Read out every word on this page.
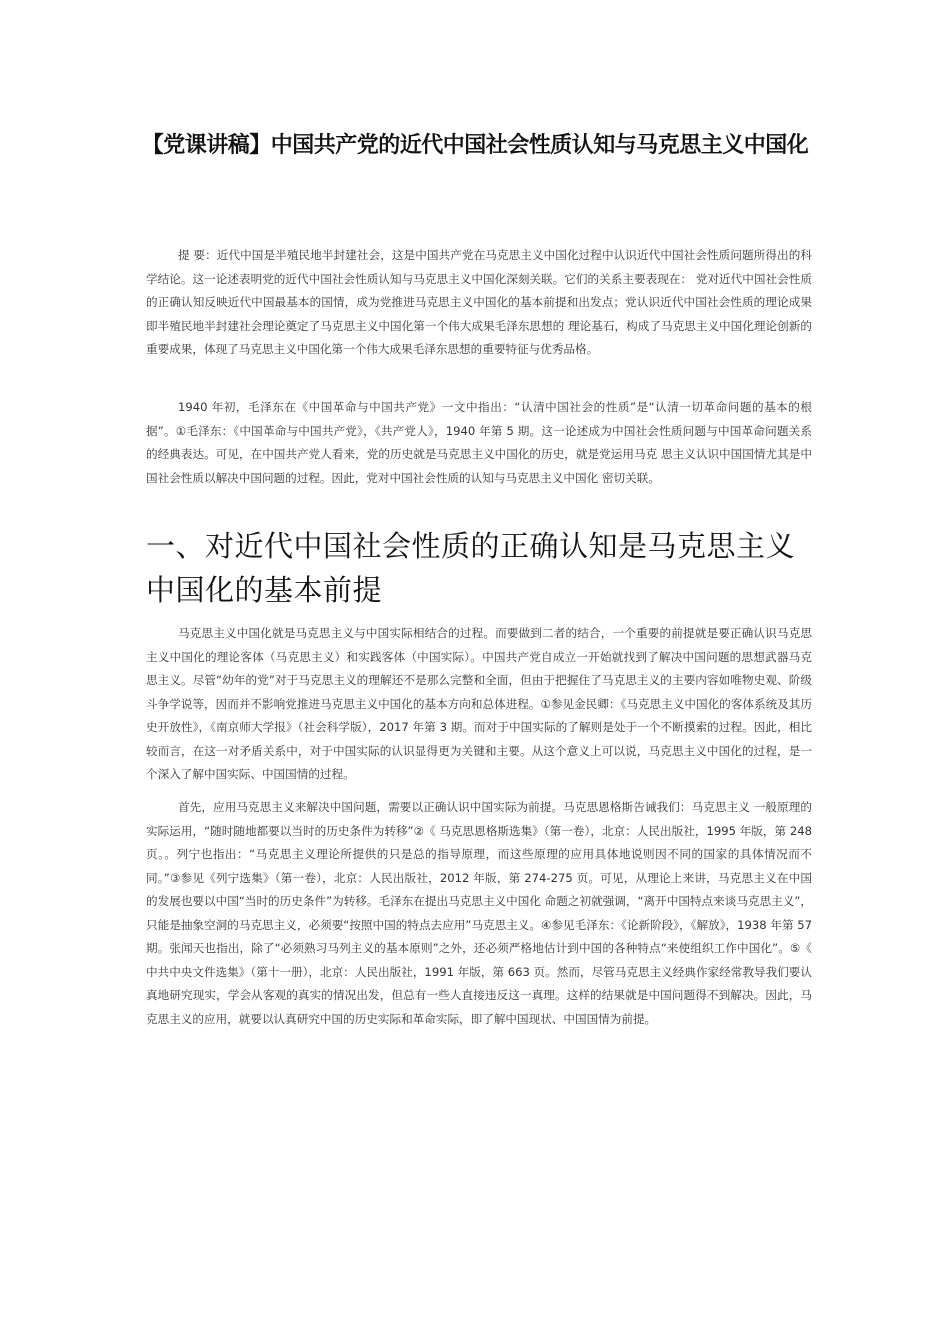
【党课讲稿】中国共产党的近代中国社会性质认知与马克思主义中国化

提 要：近代中国是半殖民地半封建社会，这是中国共产党在马克思主义中国化过程中认识近代中国社会性质问题所得出的科学结论。这一论述表明党的近代中国社会性质认知与马克思主义中国化深刻关联。它们的关系主要表现在： 党对近代中国社会性质的正确认知反映近代中国最基本的国情，成为党推进马克思主义中国化的基本前提和出发点；党认识近代中国社会性质的理论成果即半殖民地半封建社会理论奠定了马克思主义中国化第一个伟大成果毛泽东思想的 理论基石，构成了马克思主义中国化理论创新的重要成果，体现了马克思主义中国化第一个伟大成果毛泽东思想的重要特征与优秀品格。

1940 年初，毛泽东在《中国革命与中国共产党》一文中指出：“认清中国社会的性质”是“认清一切革命问题的基本的根据”。①毛泽东：《中国革命与中国共产党》，《共产党人》，1940 年第 5 期。这一论述成为中国社会性质问题与中国革命问题关系的经典表达。可见，在中国共产党人看来，党的历史就是马克思主义中国化的历史，就是党运用马克 思主义认识中国国情尤其是中国社会性质以解决中国问题的过程。因此，党对中国社会性质的认知与马克思主义中国化 密切关联。

一、对近代中国社会性质的正确认知是马克思主义中国化的基本前提

马克思主义中国化就是马克思主义与中国实际相结合的过程。而要做到二者的结合，一个重要的前提就是要正确认识马克思主义中国化的理论客体（马克思主义）和实践客体（中国实际）。中国共产党自成立一开始就找到了解决中国问题的思想武器马克思主义。尽管“幼年的党”对于马克思主义的理解还不是那么完整和全面，但由于把握住了马克思主义的主要内容如唯物史观、阶级斗争学说等，因而并不影响党推进马克思主义中国化的基本方向和总体进程。①参见金民卿：《马克思主义中国化的客体系统及其历史开放性》，《南京师大学报》（社会科学版），2017 年第 3 期。而对于中国实际的了解则是处于一个不断摸索的过程。因此，相比较而言，在这一对矛盾关系中，对于中国实际的认识显得更为关键和主要。从这个意义上可以说，马克思主义中国化的过程，是一个深入了解中国实际、中国国情的过程。

首先，应用马克思主义来解决中国问题，需要以正确认识中国实际为前提。马克思恩格斯告诫我们：马克思主义 一般原理的实际运用，“随时随地都要以当时的历史条件为转移”②《 马克思恩格斯选集》（第一卷），北京：人民出版社，1995 年版，第 248 页。。列宁也指出：“马克思主义理论所提供的只是总的指导原理，而这些原理的应用具体地说则因不同的国家的具体情况而不同。”③参见《列宁选集》（第一卷），北京：人民出版社，2012 年版，第 274-275 页。可见，从理论上来讲，马克思主义在中国的发展也要以中国“当时的历史条件”为转移。毛泽东在提出马克思主义中国化 命题之初就强调，“离开中国特点来谈马克思主义”，只能是抽象空洞的马克思主义，必须要“按照中国的特点去应用”马克思主义。④参见毛泽东：《论新阶段》，《解放》，1938 年第 57 期。张闻天也指出，除了“必须熟习马列主义的基本原则”之外，还必须严格地估计到中国的各种特点“来使组织工作中国化”。⑤《 中共中央文件选集》（第十一册），北京：人民出版社，1991 年版，第 663 页。然而，尽管马克思主义经典作家经常教导我们要认真地研究现实，学会从客观的真实的情况出发，但总有一些人直接违反这一真理。这样的结果就是中国问题得不到解决。因此，马克思主义的应用，就要以认真研究中国的历史实际和革命实际，即了解中国现状、中国国情为前提。
